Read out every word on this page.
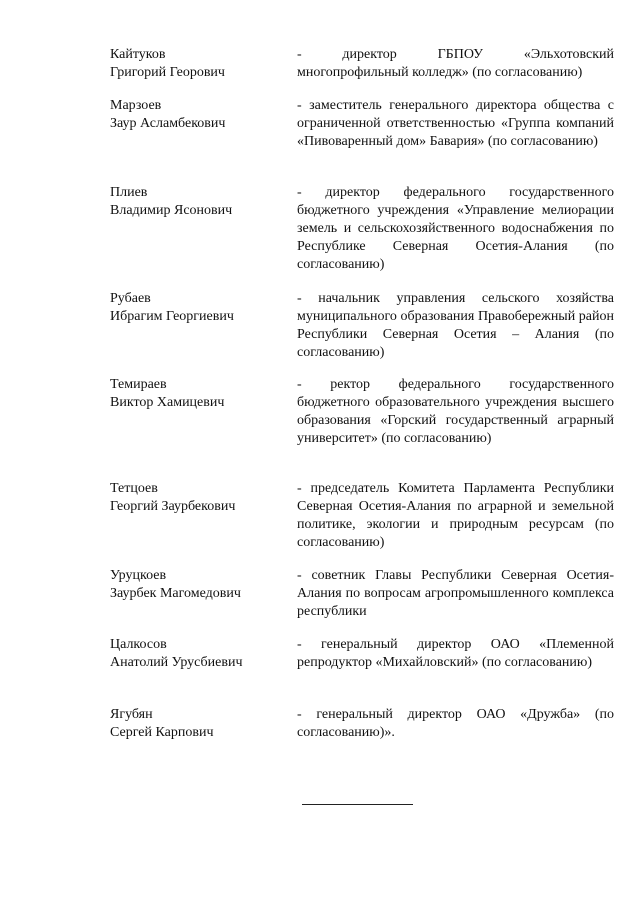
Кайтуков
Григорий Георович

- директор ГБПОУ «Эльхотовский многопрофильный колледж» (по согласованию)

Марзоев
Заур Асламбекович

- заместитель генерального директора общества с ограниченной ответственностью «Группа компаний «Пивоваренный дом» Бавария» (по согласованию)

Плиев
Владимир Ясонович

- директор федерального государственного бюджетного учреждения «Управление мелиорации земель и сельскохозяйственного водоснабжения по Республике Северная Осетия-Алания (по согласованию)

Рубаев
Ибрагим Георгиевич

- начальник управления сельского хозяйства муниципального образования Правобережный район Республики Северная Осетия – Алания (по согласованию)

Темираев
Виктор Хамицевич

- ректор федерального государственного бюджетного образовательного учреждения высшего образования «Горский государственный аграрный университет» (по согласованию)

Тетцоев
Георгий Заурбекович

- председатель Комитета Парламента Республики Северная Осетия-Алания по аграрной и земельной политике, экологии и природным ресурсам (по согласованию)

Уруцкоев
Заурбек Магомедович

- советник Главы Республики Северная Осетия-Алания по вопросам агропромышленного комплекса республики

Цалкосов
Анатолий Урусбиевич

- генеральный директор ОАО «Племенной репродуктор «Михайловский» (по согласованию)

Ягубян
Сергей Карпович

- генеральный директор ОАО «Дружба» (по согласованию)».
